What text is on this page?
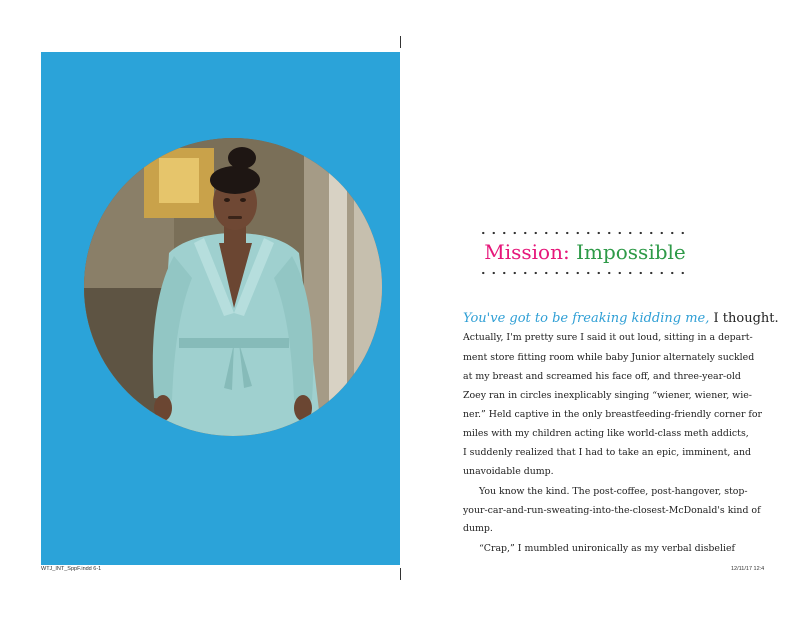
Mission: Impossible
You've got to be freaking kidding me, I thought.
Actually, I'm pretty sure I said it out loud, sitting in a depart-
ment store fitting room while baby Junior alternately suckled
at my breast and screamed his face off, and three-year-old
Zoey ran in circles inexplicably singing “wiener, wiener, wie-
ner.” Held captive in the only breastfeeding-friendly corner for
miles with my children acting like world-class meth addicts,
I suddenly realized that I had to take an epic, imminent, and
unavoidable dump.
You know the kind. The post-coffee, post-hangover, stop-
your-car-and-run-sweating-into-the-closest-McDonald's kind of
dump.
“Crap,” I mumbled unironically as my verbal disbelief
WTJ_INT_SppF.indd 6-1	12/11/17 12:4
